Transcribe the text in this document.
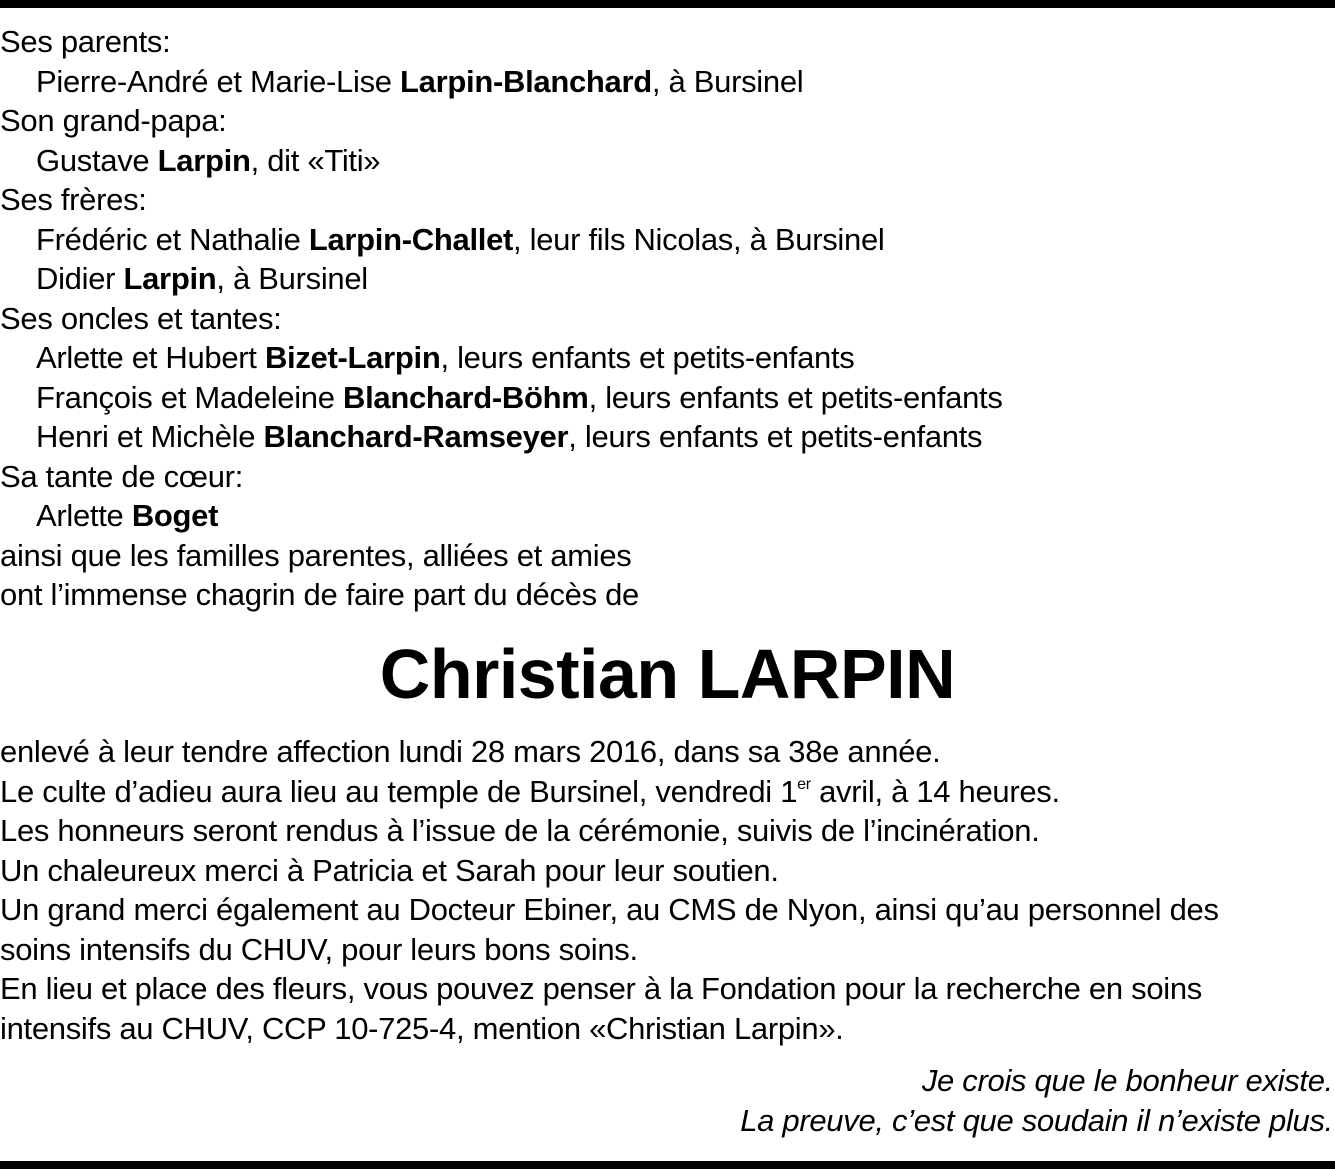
Ses parents:
Pierre-André et Marie-Lise Larpin-Blanchard, à Bursinel
Son grand-papa:
Gustave Larpin, dit «Titi»
Ses frères:
Frédéric et Nathalie Larpin-Challet, leur fils Nicolas, à Bursinel
Didier Larpin, à Bursinel
Ses oncles et tantes:
Arlette et Hubert Bizet-Larpin, leurs enfants et petits-enfants
François et Madeleine Blanchard-Böhm, leurs enfants et petits-enfants
Henri et Michèle Blanchard-Ramseyer, leurs enfants et petits-enfants
Sa tante de cœur:
Arlette Boget
ainsi que les familles parentes, alliées et amies
ont l’immense chagrin de faire part du décès de
Christian LARPIN
enlevé à leur tendre affection lundi 28 mars 2016, dans sa 38e année.
Le culte d’adieu aura lieu au temple de Bursinel, vendredi 1er avril, à 14 heures.
Les honneurs seront rendus à l’issue de la cérémonie, suivis de l’incinération.
Un chaleureux merci à Patricia et Sarah pour leur soutien.
Un grand merci également au Docteur Ebiner, au CMS de Nyon, ainsi qu’au personnel des
soins intensifs du CHUV, pour leurs bons soins.
En lieu et place des fleurs, vous pouvez penser à la Fondation pour la recherche en soins
intensifs au CHUV, CCP 10-725-4, mention «Christian Larpin».
Je crois que le bonheur existe.
La preuve, c’est que soudain il n’existe plus.
